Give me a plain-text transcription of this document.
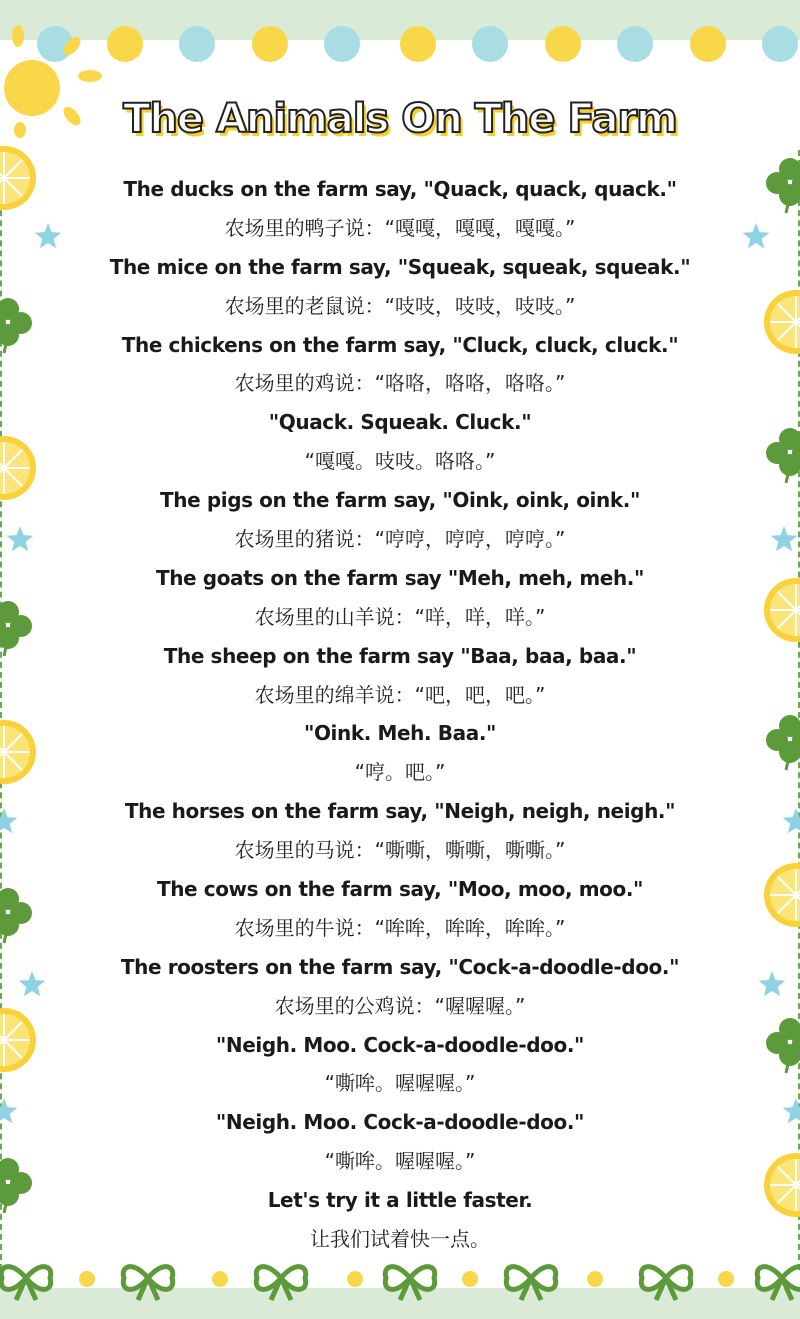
The Animals On The Farm
The ducks on the farm say, "Quack, quack, quack."
农场里的鸭子说：“嘎嘎，嘎嘎，嘎嘎。”
The mice on the farm say, "Squeak, squeak, squeak."
农场里的老鼠说：“吱吱，吱吱，吱吱。”
The chickens on the farm say, "Cluck, cluck, cluck."
农场里的鸡说：“咯咯，咯咯，咯咯。”
"Quack. Squeak. Cluck."
“嘎嘎。吱吱。咯咯。”
The pigs on the farm say, "Oink, oink, oink."
农场里的猪说：“哼哼，哼哼，哼哼。”
The goats on the farm say "Meh, meh, meh."
农场里的山羊说：“咩，咩，咩。”
The sheep on the farm say "Baa, baa, baa."
农场里的绵羊说：“吧，吧，吧。”
"Oink. Meh. Baa."
“哼。吧。”
The horses on the farm say, "Neigh, neigh, neigh."
农场里的马说：“嘶嘶，嘶嘶，嘶嘶。”
The cows on the farm say, "Moo, moo, moo."
农场里的牛说：“哞哞，哞哞，哞哞。”
The roosters on the farm say, "Cock-a-doodle-doo."
农场里的公鸡说：“喔喔喔。”
"Neigh. Moo. Cock-a-doodle-doo."
“嘶哞。喔喔喔。”
"Neigh. Moo. Cock-a-doodle-doo."
“嘶哞。喔喔喔。”
Let's try it a little faster.
让我们试着快一点。
